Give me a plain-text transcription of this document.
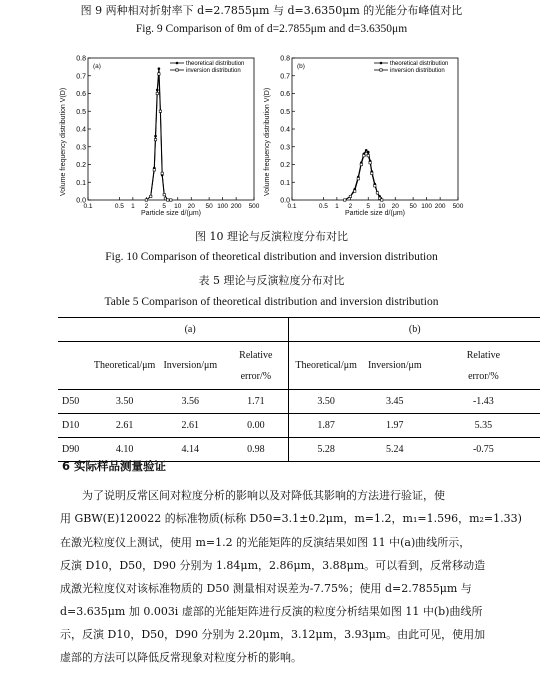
图 9 两种相对折射率下 d=2.7855μm 与 d=3.6350μm 的光能分布峰值对比
Fig. 9 Comparison of θm of d=2.7855μm and d=3.6350μm
0.0
0.1
0.2
0.3
0.4
0.5
0.6
0.7
0.8
0.1	0.5 1 2 5 10 20 50 100 200 500
theoretical distribution
inversion distribution
(a)
Volume frequency distribution V(D)
Particle size d/(μm)
0.0
0.1
0.2
0.3
0.4
0.5
0.6
0.7
0.8
0.1	0.5 1 2 5 10 20 50 100 200 500
theoretical distribution
inversion distribution
(b)
Volume frequency distribution V(D)
Particle size d/(μm)
图 10 理论与反演粒度分布对比
Fig. 10 Comparison of theoretical distribution and inversion distribution
表 5 理论与反演粒度分布对比
Table 5 Comparison of theoretical distribution and inversion distribution
	(a)			(b)		
	Theoretical/μm	Inversion/μm	Relative
error/%	Theoretical/μm	Inversion/μm	Relative
error/%
D50	3.50	3.56	1.71	3.50	3.45	-1.43
D10	2.61	2.61	0.00	1.87	1.97	5.35
D90	4.10	4.14	0.98	5.28	5.24	-0.75
6 实际样品测量验证
为了说明反常区间对粒度分析的影响以及对降低其影响的方法进行验证，使
用 GBW(E)120022 的标准物质(标称 D50=3.1±0.2μm，m=1.2，m₁=1.596，m₂=1.33)
在激光粒度仪上测试，使用 m=1.2 的光能矩阵的反演结果如图 11 中(a)曲线所示，
反演 D10，D50，D90 分别为 1.84μm，2.86μm，3.88μm。可以看到，反常移动造
成激光粒度仪对该标准物质的 D50 测量相对误差为-7.75%；使用 d=2.7855μm 与
d=3.635μm 加 0.003i 虚部的光能矩阵进行反演的粒度分析结果如图 11 中(b)曲线所
示，反演 D10，D50，D90 分别为 2.20μm，3.12μm，3.93μm。由此可见，使用加
虚部的方法可以降低反常现象对粒度分析的影响。
